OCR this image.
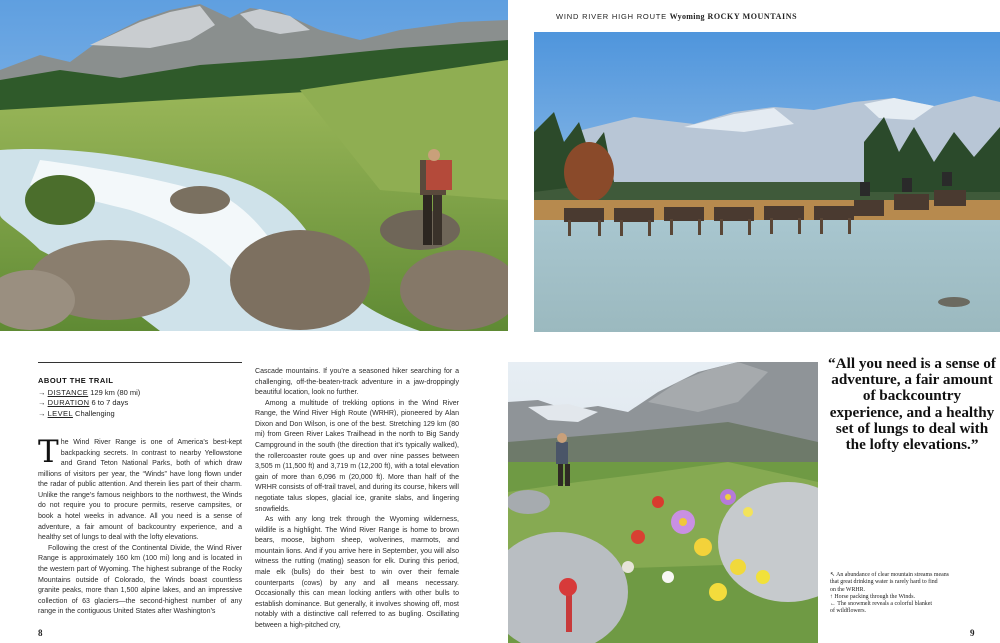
WIND RIVER HIGH ROUTE Wyoming ROCKY MOUNTAINS
ABOUT THE TRAIL
→ DISTANCE 129 km (80 mi)
→ DURATION 6 to 7 days
→ LEVEL Challenging

The Wind River Range is one of America’s best-kept backpacking secrets. In contrast to nearby Yellowstone and Grand Teton National Parks, both of which draw millions of visitors per year, the “Winds” have long flown under the radar of public attention. And therein lies part of their charm. Unlike the range’s famous neighbors to the northwest, the Winds do not require you to procure permits, reserve campsites, or book a hotel weeks in advance. All you need is a sense of adventure, a fair amount of backcountry experience, and a healthy set of lungs to deal with the lofty elevations.

Following the crest of the Continental Divide, the Wind River Range is approximately 160 km (100 mi) long and is located in the western part of Wyoming. The highest subrange of the Rocky Mountains outside of Colorado, the Winds boast countless granite peaks, more than 1,500 alpine lakes, and an impressive collection of 63 glaciers—the second-highest number of any range in the contiguous United States after Washington’s

Cascade mountains. If you’re a seasoned hiker searching for a challenging, off-the-beaten-track adventure in a jaw-droppingly beautiful location, look no further.

Among a multitude of trekking options in the Wind River Range, the Wind River High Route (WRHR), pioneered by Alan Dixon and Don Wilson, is one of the best. Stretching 129 km (80 mi) from Green River Lakes Trailhead in the north to Big Sandy Campground in the south (the direction that it’s typically walked), the rollercoaster route goes up and over nine passes between 3,505 m (11,500 ft) and 3,719 m (12,200 ft), with a total elevation gain of more than 6,096 m (20,000 ft). More than half of the WRHR consists of off-trail travel, and during its course, hikers will negotiate talus slopes, glacial ice, granite slabs, and lingering snowfields.

As with any long trek through the Wyoming wilderness, wildlife is a highlight. The Wind River Range is home to brown bears, moose, bighorn sheep, wolverines, marmots, and mountain lions. And if you arrive here in September, you will also witness the rutting (mating) season for elk. During this period, male elk (bulls) do their best to win over their female counterparts (cows) by any and all means necessary. Occasionally this can mean locking antlers with other bulls to establish dominance. But generally, it involves showing off, most notably with a distinctive call referred to as bugling. Oscillating between a high-pitched cry,

“All you need is a sense of adventure, a fair amount of backcountry experience, and a healthy set of lungs to deal with the lofty elevations.”
↖ An abundance of clear mountain streams means
that great drinking water is rarely hard to find
on the WRHR.
↑ Horse packing through the Winds.
← The snowmelt reveals a colorful blanket
of wildflowers.
8	9
